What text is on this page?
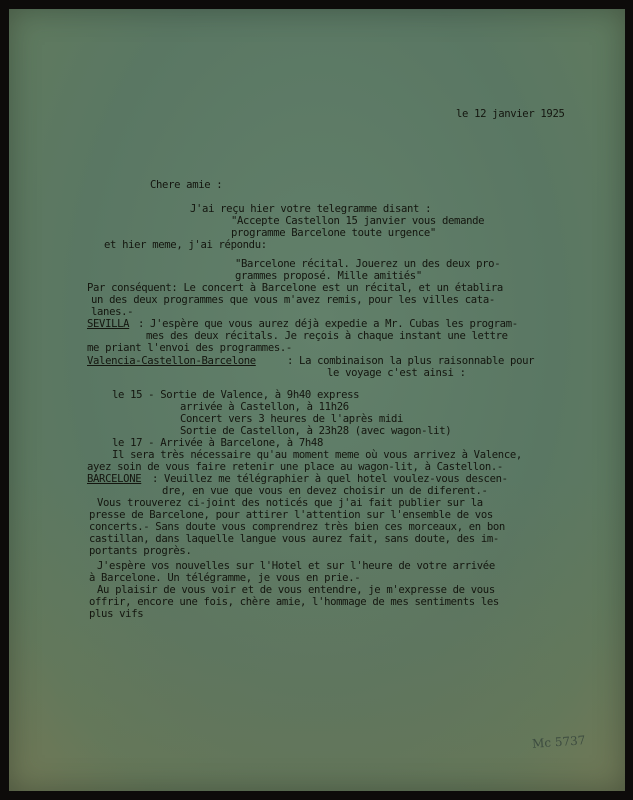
le 12 janvier 1925

Chere amie :

J'ai reçu hier votre telegramme disant :

"Accepte Castellon 15 janvier vous demande

programme Barcelone toute urgence"

et hier meme, j'ai répondu:

"Barcelone récital. Jouerez un des deux pro-

grammes proposé. Mille amitiés"

Par conséquent: Le concert à Barcelone est un récital, et un établira

un des deux programmes que vous m'avez remis, pour les villes cata-

lanes.-

SEVILLA

: J'espère que vous aurez déjà expedie a Mr. Cubas les program-

mes des deux récitals. Je reçois à chaque instant une lettre

me priant l'envoi des programmes.-

Valencia-Castellon-Barcelone

	: La combinaison la plus raisonnable pour

le voyage c'est ainsi :

le 15 - Sortie de Valence, à 9h40 express

arrivée à Castellon, à 11h26

Concert vers 3 heures de l'après midi

Sortie de Castellon, à 23h28 (avec wagon-lit)

le 17 - Arrivée à Barcelone, à 7h48

Il sera très nécessaire qu'au moment meme où vous arrivez à Valence,

ayez soin de vous faire retenir une place au wagon-lit, à Castellon.-

BARCELONE

: Veuillez me télégraphier à quel hotel voulez-vous descen-

dre, en vue que vous en devez choisir un de diferent.-

Vous trouverez ci-joint des noticés que j'ai fait publier sur la

presse de Barcelone, pour attirer l'attention sur l'ensemble de vos

concerts.- Sans doute vous comprendrez très bien ces morceaux, en bon

castillan, dans laquelle langue vous aurez fait, sans doute, des im-

portants progrès.

J'espère vos nouvelles sur l'Hotel et sur l'heure de votre arrivée

à Barcelone. Un télégramme, je vous en prie.-

Au plaisir de vous voir et de vous entendre, je m'expresse de vous

offrir, encore une fois, chère amie, l'hommage de mes sentiments les

plus vifs

Mc 5737
